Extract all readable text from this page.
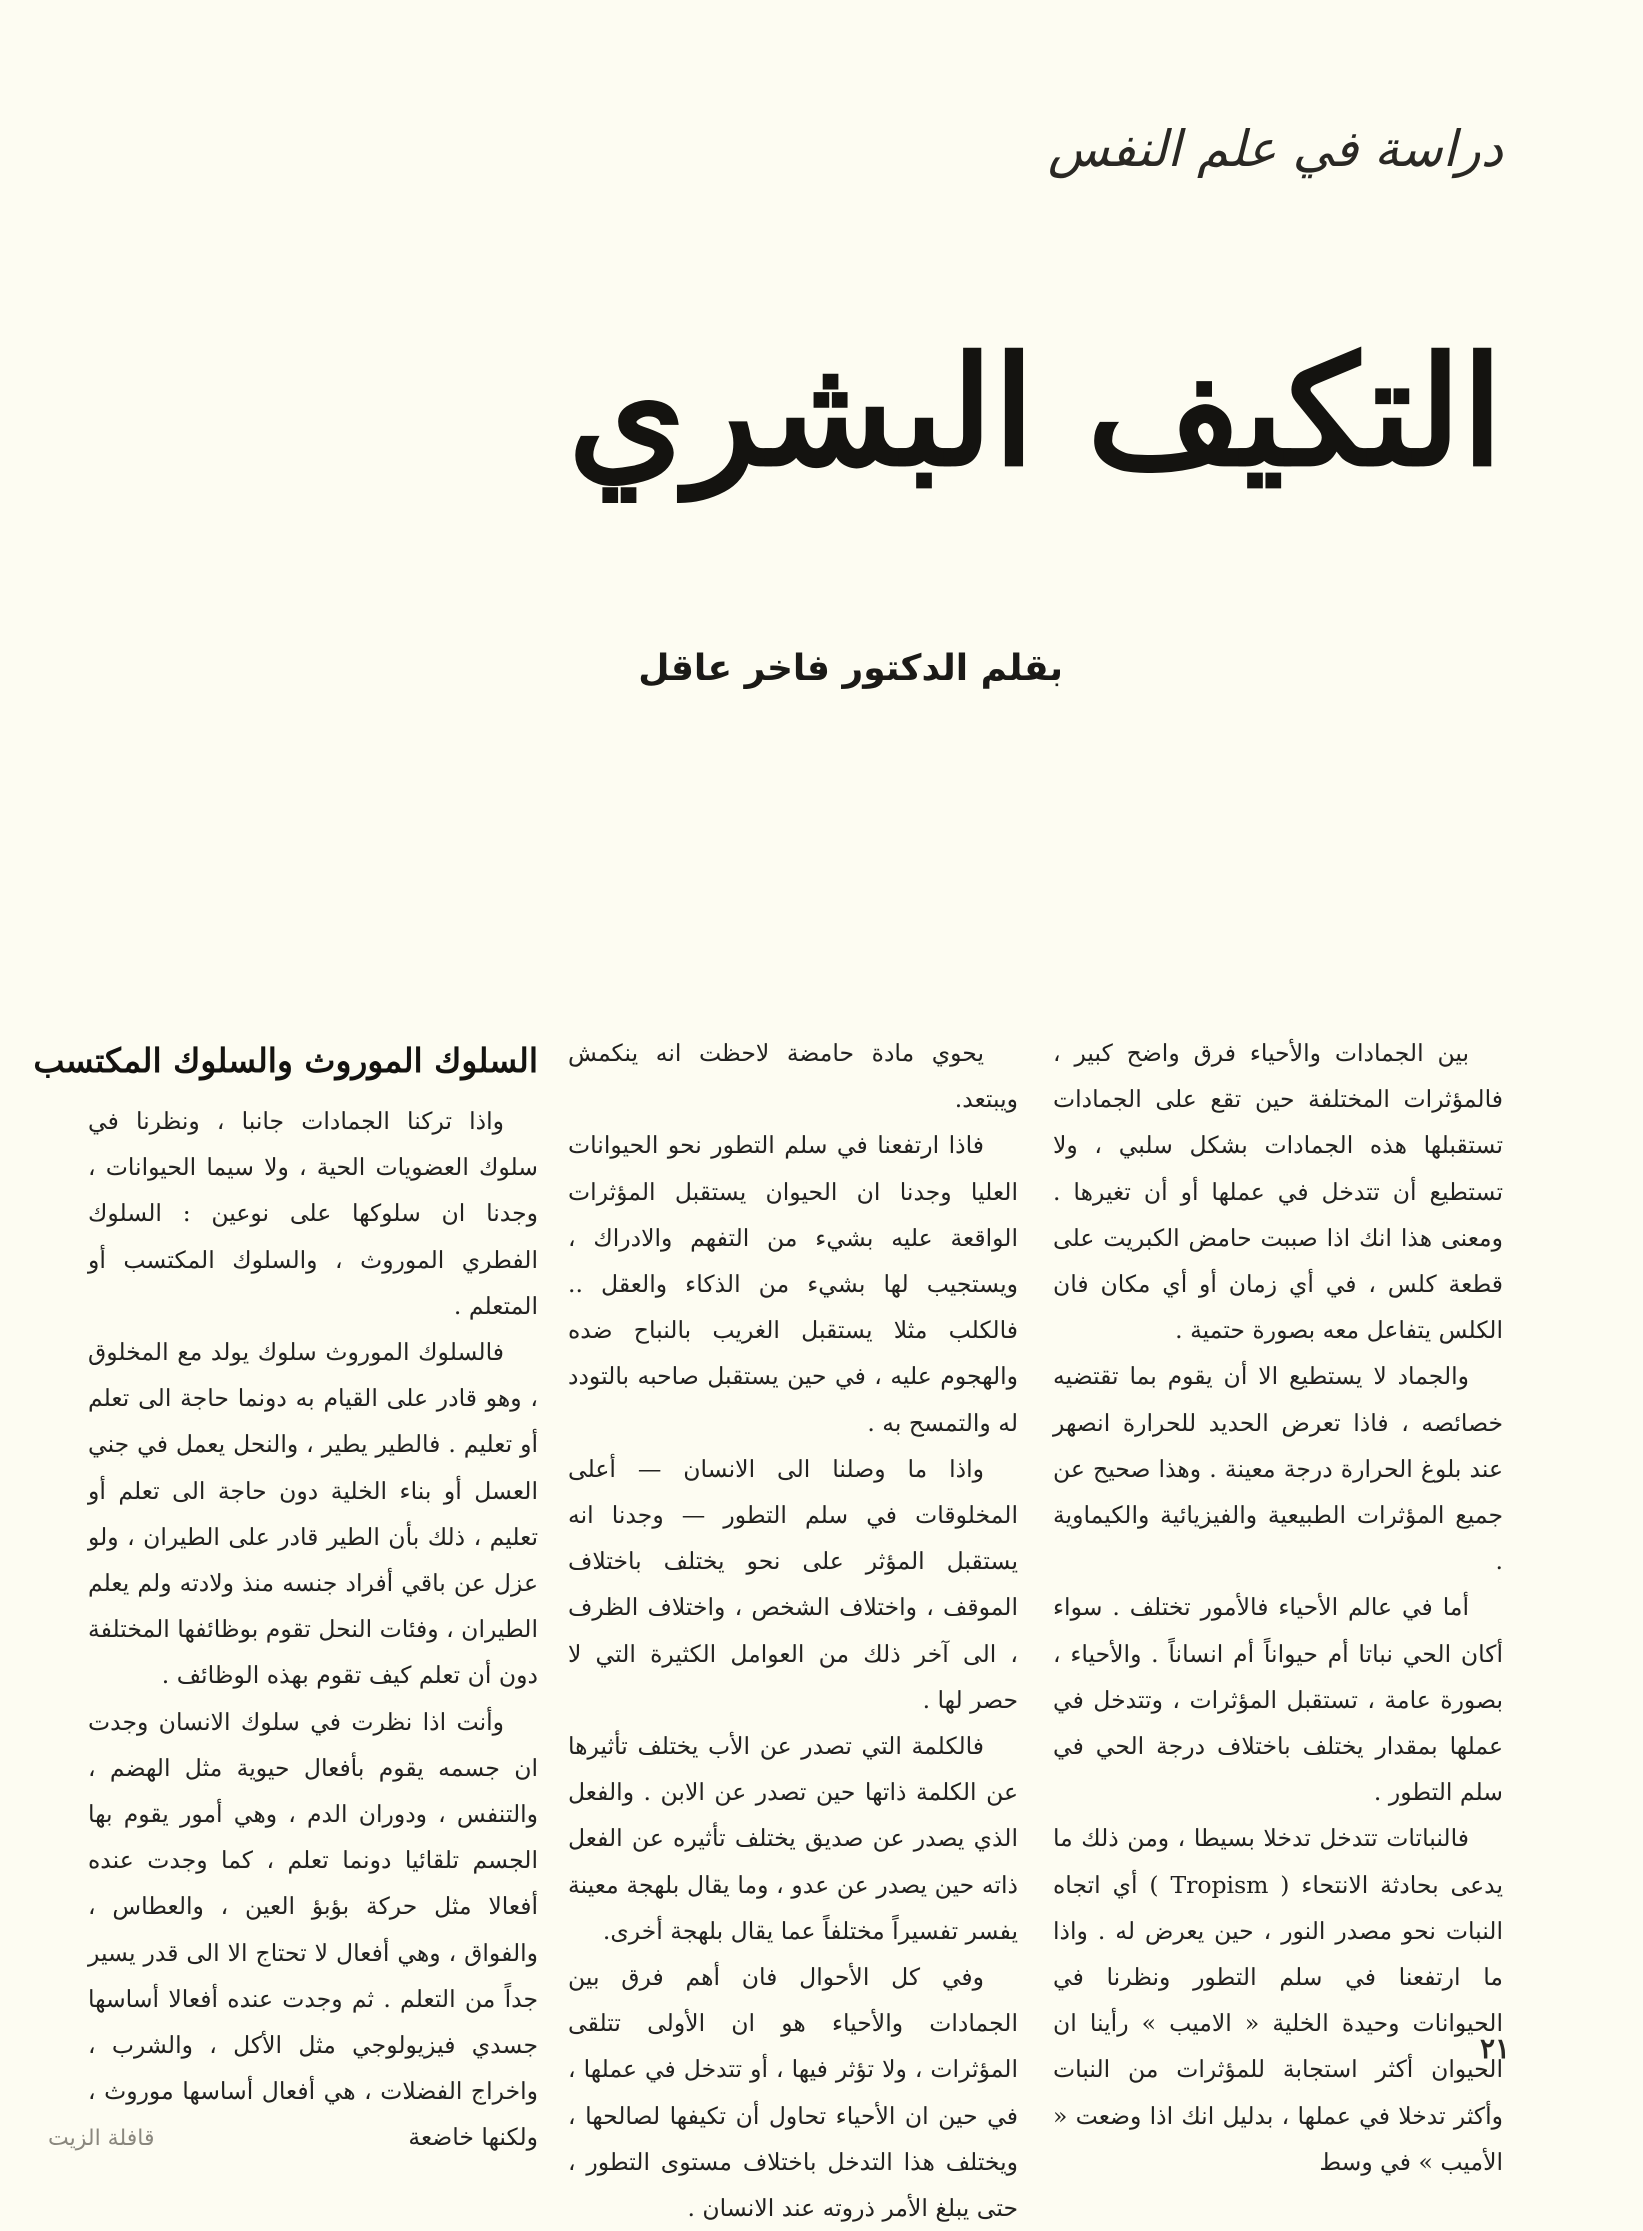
دراسة في علم النفس
التكيف البشري
بقلم الدكتور فاخر عاقل

بين الجمادات والأحياء فرق واضح كبير ، فالمؤثرات المختلفة حين تقع على الجمادات تستقبلها هذه الجمادات بشكل سلبي ، ولا تستطيع أن تتدخل في عملها أو أن تغيرها . ومعنى هذا انك اذا صببت حامض الكبريت على قطعة كلس ، في أي زمان أو أي مكان فان الكلس يتفاعل معه بصورة حتمية .

والجماد لا يستطيع الا أن يقوم بما تقتضيه خصائصه ، فاذا تعرض الحديد للحرارة انصهر عند بلوغ الحرارة درجة معينة . وهذا صحيح عن جميع المؤثرات الطبيعية والفيزيائية والكيماوية .

أما في عالم الأحياء فالأمور تختلف . سواء أكان الحي نباتا أم حيواناً أم انساناً . والأحياء ، بصورة عامة ، تستقبل المؤثرات ، وتتدخل في عملها بمقدار يختلف باختلاف درجة الحي في سلم التطور .

فالنباتات تتدخل تدخلا بسيطا ، ومن ذلك ما يدعى بحادثة الانتحاء ( Tropism ) أي اتجاه النبات نحو مصدر النور ، حين يعرض له . واذا ما ارتفعنا في سلم التطور ونظرنا في الحيوانات وحيدة الخلية « الاميب » رأينا ان الحيوان أكثر استجابة للمؤثرات من النبات وأكثر تدخلا في عملها ، بدليل انك اذا وضعت « الأميب » في وسط

يحوي مادة حامضة لاحظت انه ينكمش ويبتعد.

فاذا ارتفعنا في سلم التطور نحو الحيوانات العليا وجدنا ان الحيوان يستقبل المؤثرات الواقعة عليه بشيء من التفهم والادراك ، ويستجيب لها بشيء من الذكاء والعقل .. فالكلب مثلا يستقبل الغريب بالنباح ضده والهجوم عليه ، في حين يستقبل صاحبه بالتودد له والتمسح به .

واذا ما وصلنا الى الانسان — أعلى المخلوقات في سلم التطور — وجدنا انه يستقبل المؤثر على نحو يختلف باختلاف الموقف ، واختلاف الشخص ، واختلاف الظرف ، الى آخر ذلك من العوامل الكثيرة التي لا حصر لها .

فالكلمة التي تصدر عن الأب يختلف تأثيرها عن الكلمة ذاتها حين تصدر عن الابن . والفعل الذي يصدر عن صديق يختلف تأثيره عن الفعل ذاته حين يصدر عن عدو ، وما يقال بلهجة معينة يفسر تفسيراً مختلفاً عما يقال بلهجة أخرى.

وفي كل الأحوال فان أهم فرق بين الجمادات والأحياء هو ان الأولى تتلقى المؤثرات ، ولا تؤثر فيها ، أو تتدخل في عملها ، في حين ان الأحياء تحاول أن تكيفها لصالحها ، ويختلف هذا التدخل باختلاف مستوى التطور ، حتى يبلغ الأمر ذروته عند الانسان .

السلوك الموروث والسلوك المكتسب

واذا تركنا الجمادات جانبا ، ونظرنا في سلوك العضويات الحية ، ولا سيما الحيوانات ، وجدنا ان سلوكها على نوعين : السلوك الفطري الموروث ، والسلوك المكتسب أو المتعلم .

فالسلوك الموروث سلوك يولد مع المخلوق ، وهو قادر على القيام به دونما حاجة الى تعلم أو تعليم . فالطير يطير ، والنحل يعمل في جني العسل أو بناء الخلية دون حاجة الى تعلم أو تعليم ، ذلك بأن الطير قادر على الطيران ، ولو عزل عن باقي أفراد جنسه منذ ولادته ولم يعلم الطيران ، وفئات النحل تقوم بوظائفها المختلفة دون أن تعلم كيف تقوم بهذه الوظائف .

وأنت اذا نظرت في سلوك الانسان وجدت ان جسمه يقوم بأفعال حيوية مثل الهضم ، والتنفس ، ودوران الدم ، وهي أمور يقوم بها الجسم تلقائيا دونما تعلم ، كما وجدت عنده أفعالا مثل حركة بؤبؤ العين ، والعطاس ، والفواق ، وهي أفعال لا تحتاج الا الى قدر يسير جداً من التعلم . ثم وجدت عنده أفعالا أساسها جسدي فيزيولوجي مثل الأكل ، والشرب ، واخراج الفضلات ، هي أفعال أساسها موروث ، ولكنها خاضعة

٢١
قافلة الزيت
